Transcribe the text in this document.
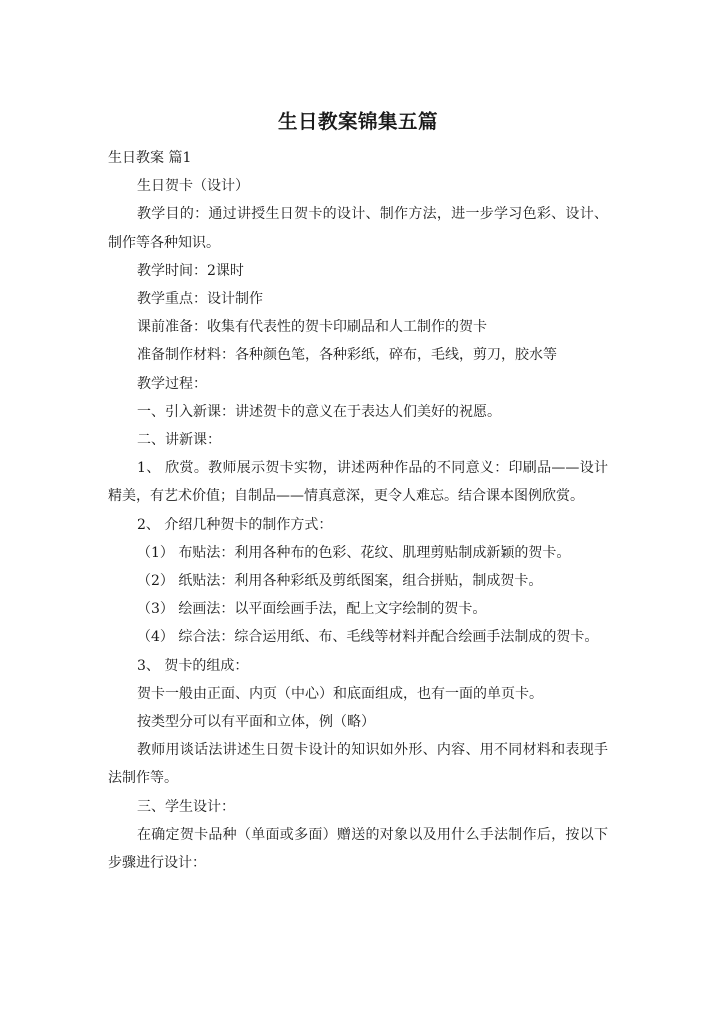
生日教案锦集五篇

生日教案 篇1

生日贺卡（设计）

教学目的：通过讲授生日贺卡的设计、制作方法，进一步学习色彩、设计、制作等各种知识。

教学时间：2课时

教学重点：设计制作

课前准备：收集有代表性的贺卡印刷品和人工制作的贺卡

准备制作材料：各种颜色笔，各种彩纸，碎布，毛线，剪刀，胶水等

教学过程：

一、引入新课：讲述贺卡的意义在于表达人们美好的祝愿。

二、讲新课：

1、 欣赏。教师展示贺卡实物，讲述两种作品的不同意义：印刷品——设计精美，有艺术价值；自制品——情真意深，更令人难忘。结合课本图例欣赏。

2、 介绍几种贺卡的制作方式：

（1） 布贴法：利用各种布的色彩、花纹、肌理剪贴制成新颖的贺卡。

（2） 纸贴法：利用各种彩纸及剪纸图案，组合拼贴，制成贺卡。

（3） 绘画法：以平面绘画手法，配上文字绘制的贺卡。

（4） 综合法：综合运用纸、布、毛线等材料并配合绘画手法制成的贺卡。

3、 贺卡的组成：

贺卡一般由正面、内页（中心）和底面组成，也有一面的单页卡。

按类型分可以有平面和立体，例（略）

教师用谈话法讲述生日贺卡设计的知识如外形、内容、用不同材料和表现手法制作等。

三、学生设计：

在确定贺卡品种（单面或多面）赠送的对象以及用什么手法制作后，按以下步骤进行设计：
